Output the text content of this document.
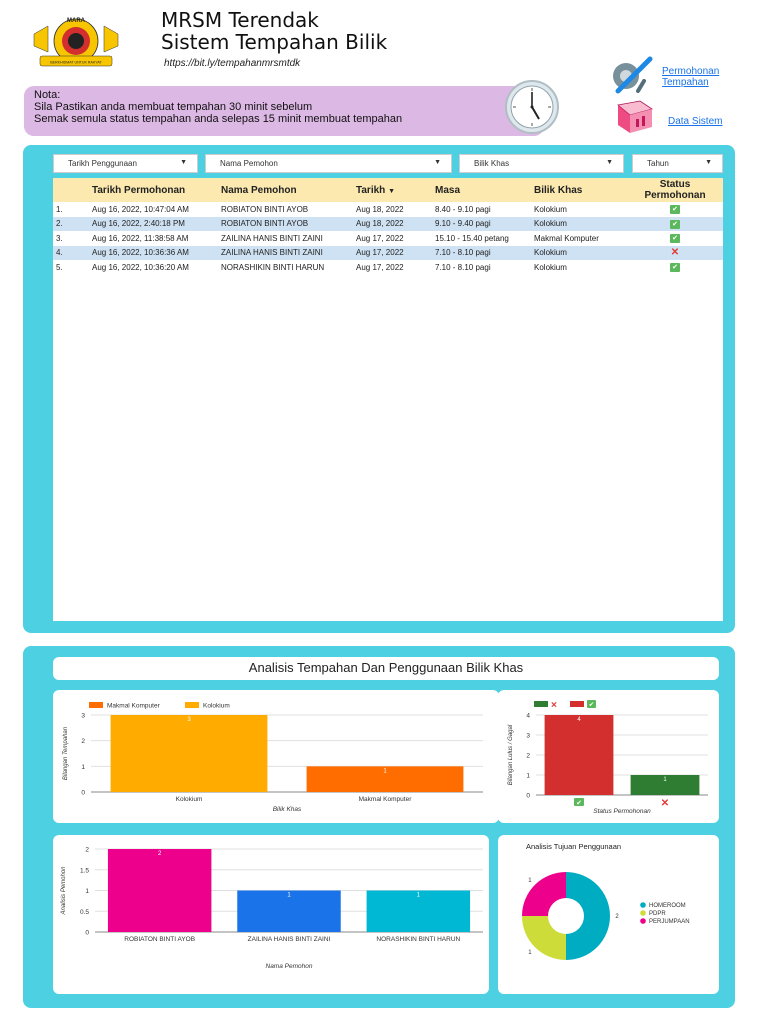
MARA
BERKHIDMAT UNTUK RAKYAT
MRSM Terendak
Sistem Tempahan Bilik
https://bit.ly/tempahanmrsmtdk
Nota:
Sila Pastikan anda membuat tempahan 30 minit sebelum
Semak semula status tempahan anda selepas 15 minit membuat tempahan
Permohonan
Tempahan
Data Sistem
Tarikh Penggunaan	▼	Nama Pemohon	▼	Bilik Khas	▼	Tahun	▼
	Tarikh Permohonan	Nama Pemohon	Tarikh ▼	Masa	Bilik Khas	Status
Permohonan

1.	Aug 16, 2022, 10:47:04 AM	ROBIATON BINTI AYOB	Aug 18, 2022	8.40 - 9.10 pagi	Kolokium	✔
2.	Aug 16, 2022, 2:40:18 PM	ROBIATON BINTI AYOB	Aug 18, 2022	9.10 - 9.40 pagi	Kolokium	✔
3.	Aug 16, 2022, 11:38:58 AM	ZAILINA HANIS BINTI ZAINI	Aug 17, 2022	15.10 - 15.40 petang	Makmal Komputer	✔
4.	Aug 16, 2022, 10:36:36 AM	ZAILINA HANIS BINTI ZAINI	Aug 17, 2022	7.10 - 8.10 pagi	Kolokium	✕
5.	Aug 16, 2022, 10:36:20 AM	NORASHIKIN BINTI HARUN	Aug 17, 2022	7.10 - 8.10 pagi	Kolokium	✔
Analisis Tempahan Dan Penggunaan Bilik Khas
Makmal Komputer	Kolokium
0
1
2
3
3
Kolokium
1
Makmal Komputer
Bilik Khas
Bilangan Tempahan
✕	✔
0
1
2
3
4
4
✔
1
✕
Status Permohonan
Bilangan Lulus / Gagal
0
0.5
1
1.5
2
2
ROBIATON BINTI AYOB
1
ZAILINA HANIS BINTI ZAINI
1
NORASHIKIN BINTI HARUN
Nama Pemohon
Analisis Pemohon
Analisis Tujuan Penggunaan
2
1
1
HOMEROOM
PDPR
PERJUMPAAN
